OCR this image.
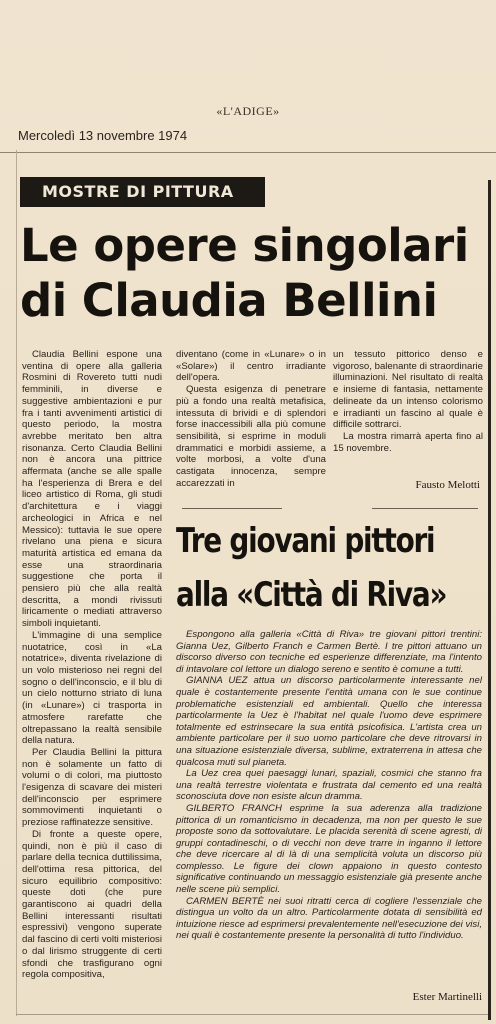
«L'ADIGE»
Mercoledì 13 novembre 1974
MOSTRE DI PITTURA
Le opere singolari
di Claudia Bellini

Claudia Bellini espone una ventina di opere alla galleria Rosmini di Rovereto tutti nudi femminili, in diverse e suggestive ambientazioni e pur fra i tanti avvenimenti artistici di questo periodo, la mostra avrebbe meritato ben altra risonanza. Certo Claudia Bellini non è ancora una pittrice affermata (anche se alle spalle ha l'esperienza di Brera e del liceo artistico di Roma, gli studi d'architettura e i viaggi archeologici in Africa e nel Messico): tuttavia le sue opere rivelano una piena e sicura maturità artistica ed emana da esse una straordinaria suggestione che porta il pensiero più che alla realtà descritta, a mondi rivissuti liricamente o mediati attraverso simboli inquietanti.

L'immagine di una semplice nuotatrice, così in «La notatrice», diventa rivelazione di un volo misterioso nei regni del sogno o dell'inconscio, e il blu di un cielo notturno striato di luna (in «Lunare») ci trasporta in atmosfere rarefatte che oltrepassano la realtà sensibile della natura.

Per Claudia Bellini la pittura non è solamente un fatto di volumi o di colori, ma piuttosto l'esigenza di scavare dei misteri dell'inconscio per esprimere sommovimenti inquietanti o preziose raffinatezze sensitive.

Di fronte a queste opere, quindi, non è più il caso di parlare della tecnica duttilissima, dell'ottima resa pittorica, del sicuro equilibrio compositivo: queste doti (che pure garantiscono ai quadri della Bellini interessanti risultati espressivi) vengono superate dal fascino di certi volti misteriosi o dal lirismo struggente di certi sfondi che trasfigurano ogni regola compositiva,

diventano (come in «Lunare» o in «Solare») il centro irradiante dell'opera.

Questa esigenza di penetrare più a fondo una realtà metafisica, intessuta di brividi e di splendori forse inaccessibili alla più comune sensibilità, si esprime in moduli drammatici e morbidi assieme, a volte morbosi, a volte d'una castigata innocenza, sempre accarezzati in

un tessuto pittorico denso e vigoroso, balenante di straordinarie illuminazioni. Nel risultato di realtà e insieme di fantasia, nettamente delineate da un intenso colorismo e irradianti un fascino al quale è difficile sottrarci.

La mostra rimarrà aperta fino al 15 novembre.

Fausto Melotti
Tre giovani pittori
alla «Città di Riva»

Espongono alla galleria «Città di Riva» tre giovani pittori trentini: Gianna Uez, Gilberto Franch e Carmen Bertè. I tre pittori attuano un discorso diverso con tecniche ed esperienze differenziate, ma l'intento di intavolare col lettore un dialogo sereno e sentito è comune a tutti.

GIANNA UEZ attua un discorso particolarmente interessante nel quale è costantemente presente l'entità umana con le sue continue problematiche esistenziali ed ambientali. Quello che interessa particolarmente la Uez è l'habitat nel quale l'uomo deve esprimere totalmente ed estrinsecare la sua entità psicofisica. L'artista crea un ambiente particolare per il suo uomo particolare che deve ritrovarsi in una situazione esistenziale diversa, sublime, extraterrena in attesa che qualcosa muti sul pianeta.

La Uez crea quei paesaggi lunari, spaziali, cosmici che stanno fra una realtà terrestre violentata e frustrata dal cemento ed una realtà sconosciuta dove non esiste alcun dramma.

GILBERTO FRANCH esprime la sua aderenza alla tradizione pittorica di un romanticismo in decadenza, ma non per questo le sue proposte sono da sottovalutare. Le placida serenità di scene agresti, di gruppi contadineschi, o di vecchi non deve trarre in inganno il lettore che deve ricercare al di là di una semplicità voluta un discorso più complesso. Le figure dei clown appaiono in questo contesto significative continuando un messaggio esistenziale già presente anche nelle scene più semplici.

CARMEN BERTÈ nei suoi ritratti cerca di cogliere l'essenziale che distingua un volto da un altro. Particolarmente dotata di sensibilità ed intuizione riesce ad esprimersi prevalentemente nell'esecuzione dei visi, nei quali è costantemente presente la personalità di tutto l'individuo.

Ester Martinelli
